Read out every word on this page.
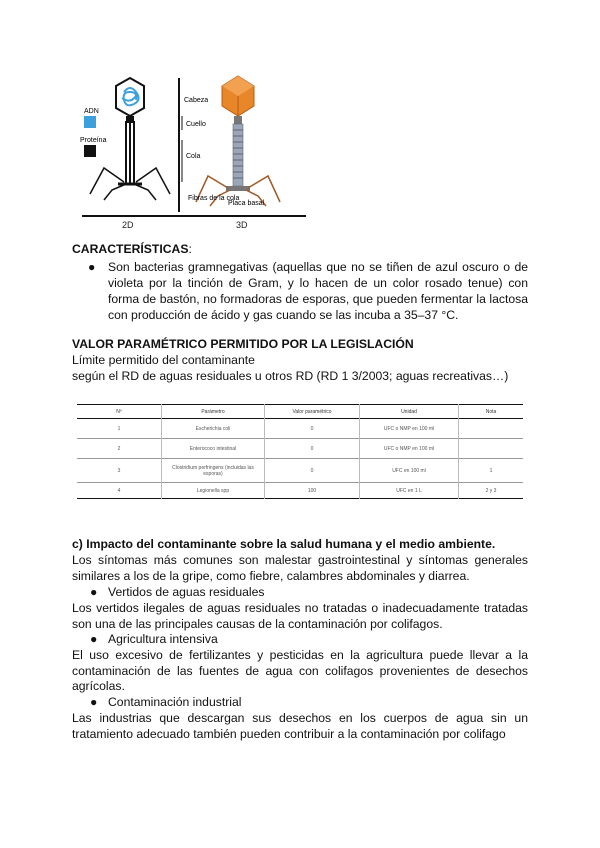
ADN
Proteína
Cabeza
Cuello
Cola
Fibras de la cola
Placa basal
2D	3D
CARACTERÍSTICAS:
● Son bacterias gramnegativas (aquellas que no se tiñen de azul oscuro o de violeta por la tinción de Gram, y lo hacen de un color rosado tenue) con forma de bastón, no formadoras de esporas, que pueden fermentar la lactosa con producción de ácido y gas cuando se las incuba a 35–37 °C.
VALOR PARAMÉTRICO PERMITIDO POR LA LEGISLACIÓN
Límite permitido del contaminante
según el RD de aguas residuales u otros RD (RD 1 3/2003; aguas recreativas…)
Nº	Parámetro	Valor paramétrico	Unidad	Nota
1	Escherichia coli	0	UFC o NMP en 100 ml	
2	Enterococo intestinal	0	UFC o NMP en 100 ml	
3	Clostridium perfringens (incluidas las esporas)	0	UFC en 100 ml	1
4	Legionella spp	100	UFC en 1 L	2 y 3
c) Impacto del contaminante sobre la salud humana y el medio ambiente.
Los síntomas más comunes son malestar gastrointestinal y síntomas generales similares a los de la gripe, como fiebre, calambres abdominales y diarrea.
● Vertidos de aguas residuales
Los vertidos ilegales de aguas residuales no tratadas o inadecuadamente tratadas son una de las principales causas de la contaminación por colifagos.
● Agricultura intensiva
El uso excesivo de fertilizantes y pesticidas en la agricultura puede llevar a la contaminación de las fuentes de agua con colifagos provenientes de desechos agrícolas.
● Contaminación industrial
Las industrias que descargan sus desechos en los cuerpos de agua sin un tratamiento adecuado también pueden contribuir a la contaminación por colifago
